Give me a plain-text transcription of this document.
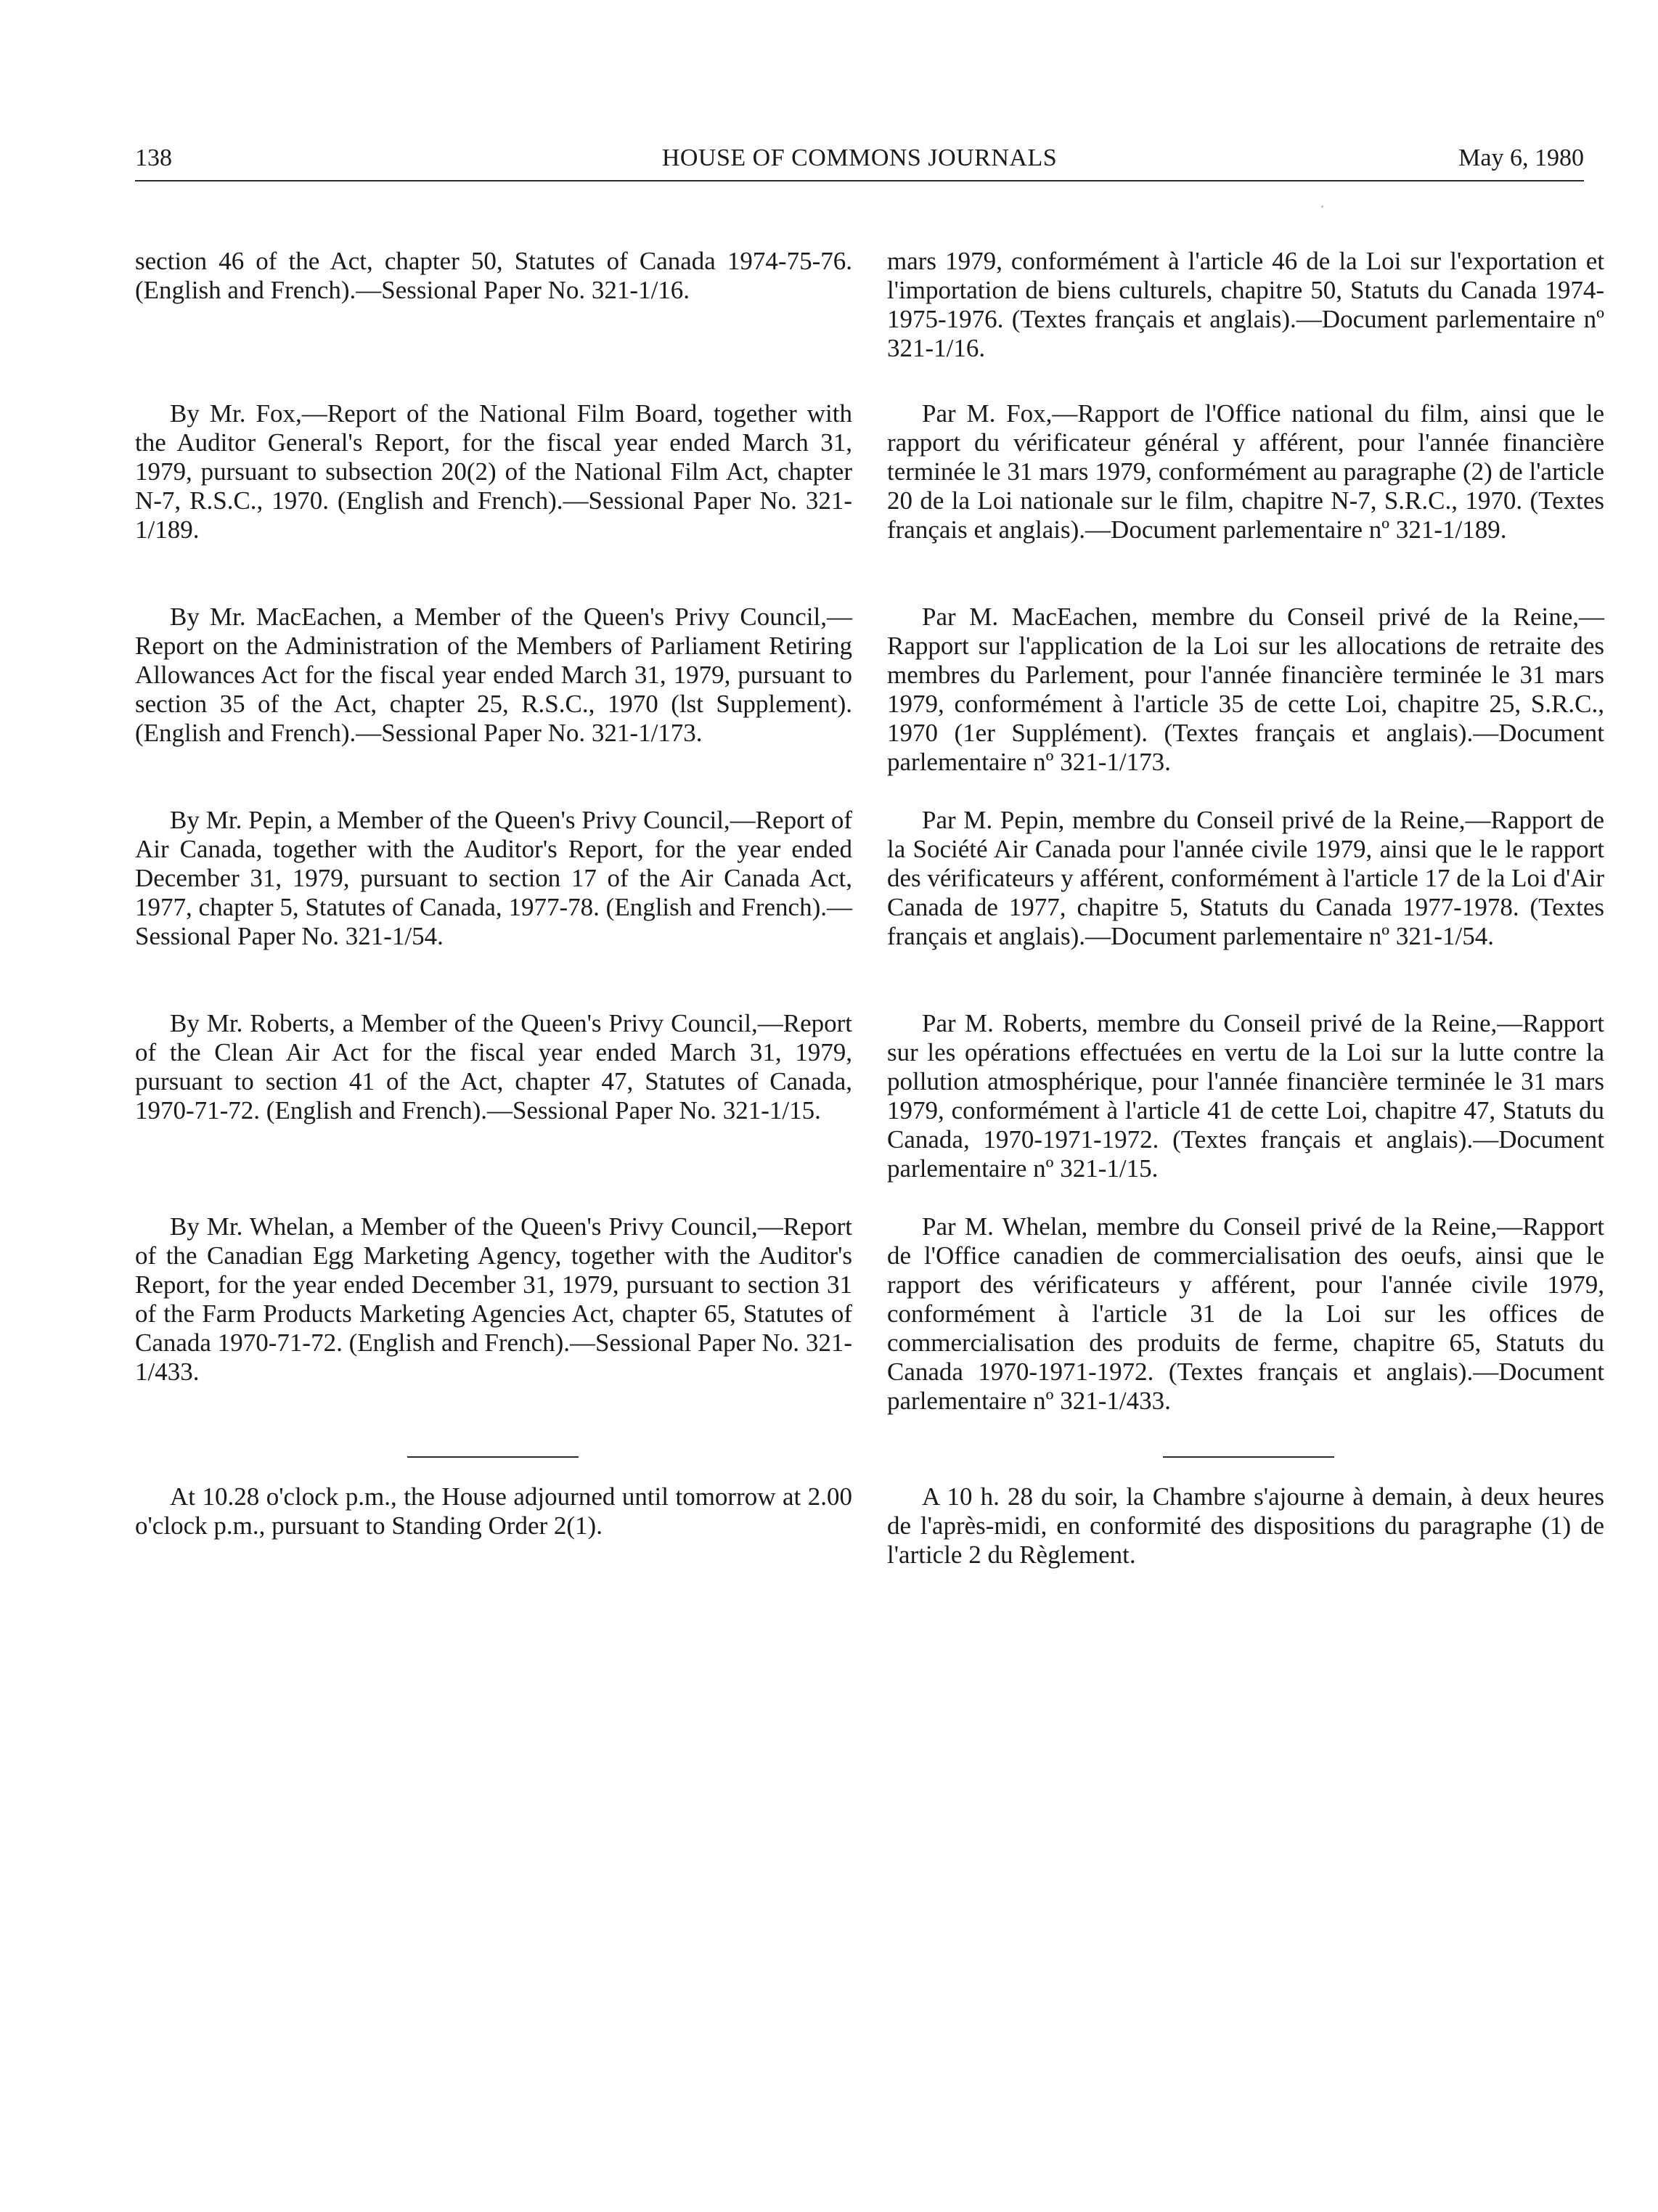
138	HOUSE OF COMMONS JOURNALS	May 6, 1980

section 46 of the Act, chapter 50, Statutes of Canada 1974-75-76. (English and French).—Sessional Paper No. 321-1/16.

By Mr. Fox,—Report of the National Film Board, together with the Auditor General's Report, for the fiscal year ended March 31, 1979, pursuant to subsection 20(2) of the National Film Act, chapter N-7, R.S.C., 1970. (English and French).—Sessional Paper No. 321-1/189.

By Mr. MacEachen, a Member of the Queen's Privy Council,—Report on the Administration of the Members of Parliament Retiring Allowances Act for the fiscal year ended March 31, 1979, pursuant to section 35 of the Act, chapter 25, R.S.C., 1970 (lst Supplement). (English and French).—Sessional Paper No. 321-1/173.

By Mr. Pepin, a Member of the Queen's Privy Council,—Report of Air Canada, together with the Auditor's Report, for the year ended December 31, 1979, pursuant to section 17 of the Air Canada Act, 1977, chapter 5, Statutes of Canada, 1977-78. (English and French).—Sessional Paper No. 321-1/54.

By Mr. Roberts, a Member of the Queen's Privy Council,—Report of the Clean Air Act for the fiscal year ended March 31, 1979, pursuant to section 41 of the Act, chapter 47, Statutes of Canada, 1970-71-72. (English and French).—Sessional Paper No. 321-1/15.

By Mr. Whelan, a Member of the Queen's Privy Council,—Report of the Canadian Egg Marketing Agency, together with the Auditor's Report, for the year ended December 31, 1979, pursuant to section 31 of the Farm Products Marketing Agencies Act, chapter 65, Statutes of Canada 1970-71-72. (English and French).—Sessional Paper No. 321-1/433.

At 10.28 o'clock p.m., the House adjourned until tomorrow at 2.00 o'clock p.m., pursuant to Standing Order 2(1).

mars 1979, conformément à l'article 46 de la Loi sur l'exportation et l'importation de biens culturels, chapitre 50, Statuts du Canada 1974-1975-1976. (Textes français et anglais).—Document parlementaire nº 321-1/16.

Par M. Fox,—Rapport de l'Office national du film, ainsi que le rapport du vérificateur général y afférent, pour l'année financière terminée le 31 mars 1979, conformément au paragraphe (2) de l'article 20 de la Loi nationale sur le film, chapitre N-7, S.R.C., 1970. (Textes français et anglais).—Document parlementaire nº 321-1/189.

Par M. MacEachen, membre du Conseil privé de la Reine,—Rapport sur l'application de la Loi sur les allocations de retraite des membres du Parlement, pour l'année financière terminée le 31 mars 1979, conformément à l'article 35 de cette Loi, chapitre 25, S.R.C., 1970 (1er Supplément). (Textes français et anglais).—Document parlementaire nº 321-1/173.

Par M. Pepin, membre du Conseil privé de la Reine,—Rapport de la Société Air Canada pour l'année civile 1979, ainsi que le le rapport des vérificateurs y afférent, conformément à l'article 17 de la Loi d'Air Canada de 1977, chapitre 5, Statuts du Canada 1977-1978. (Textes français et anglais).—Document parlementaire nº 321-1/54.

Par M. Roberts, membre du Conseil privé de la Reine,—Rapport sur les opérations effectuées en vertu de la Loi sur la lutte contre la pollution atmosphérique, pour l'année financière terminée le 31 mars 1979, conformément à l'article 41 de cette Loi, chapitre 47, Statuts du Canada, 1970-1971-1972. (Textes français et anglais).—Document parlementaire nº 321-1/15.

Par M. Whelan, membre du Conseil privé de la Reine,—Rapport de l'Office canadien de commercialisation des oeufs, ainsi que le rapport des vérificateurs y afférent, pour l'année civile 1979, conformément à l'article 31 de la Loi sur les offices de commercialisation des produits de ferme, chapitre 65, Statuts du Canada 1970-1971-1972. (Textes français et anglais).—Document parlementaire nº 321-1/433.

A 10 h. 28 du soir, la Chambre s'ajourne à demain, à deux heures de l'après-midi, en conformité des dispositions du paragraphe (1) de l'article 2 du Règlement.
